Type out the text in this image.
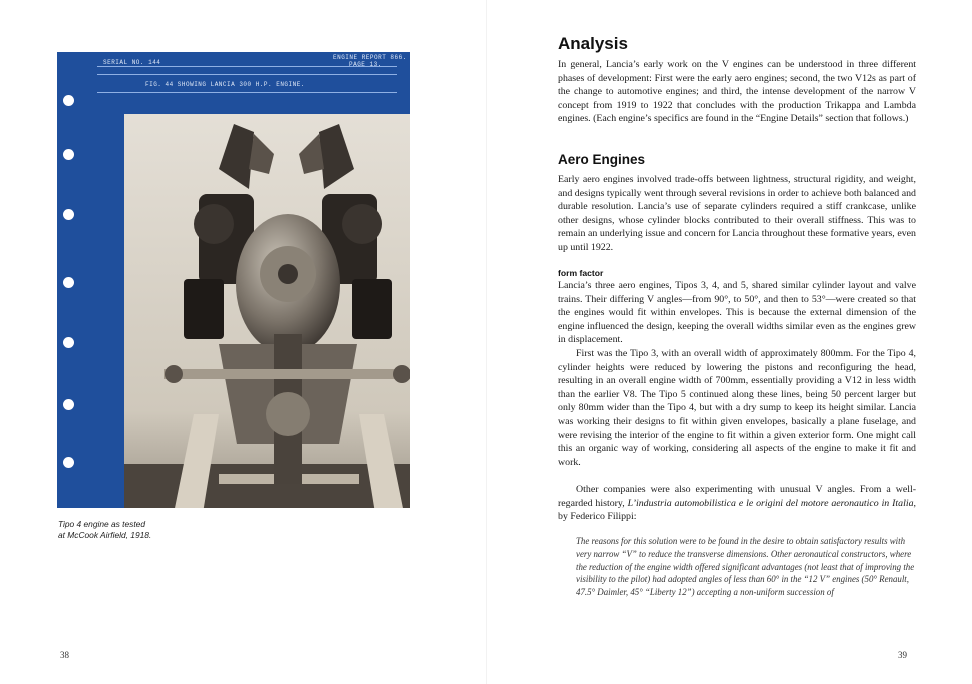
SERIAL NO. 144
ENGINE REPORT 866.
PAGE 13.
FIG. 44 SHOWING LANCIA 300 H.P. ENGINE.
556
Tipo 4 engine as tested
at McCook Airfield, 1918.
38
Analysis

In general, Lancia’s early work on the V engines can be understood in three different phases of development: First were the early aero engines; second, the two V12s as part of the change to automotive engines; and third, the intense development of the narrow V concept from 1919 to 1922 that concludes with the production Trikappa and Lambda engines. (Each engine’s specifics are found in the “Engine Details” section that follows.)

Aero Engines

Early aero engines involved trade-offs between lightness, structural rigidity, and weight, and designs typically went through several revisions in order to achieve both balanced and durable resolution. Lancia’s use of separate cylinders required a stiff crankcase, unlike other designs, whose cylinder blocks contributed to their overall stiffness. This was to remain an underlying issue and concern for Lancia throughout these formative years, even up until 1922.

form factor

Lancia’s three aero engines, Tipos 3, 4, and 5, shared similar cylinder layout and valve trains. Their differing V angles—from 90°, to 50°, and then to 53°—were created so that the engines would fit within envelopes. This is because the external dimension of the engine influenced the design, keeping the overall widths similar even as the engines grew in displacement.

First was the Tipo 3, with an overall width of approximately 800mm. For the Tipo 4, cylinder heights were reduced by lowering the pistons and reconfiguring the head, resulting in an overall engine width of 700mm, essentially providing a V12 in less width than the earlier V8. The Tipo 5 continued along these lines, being 50 percent larger but only 80mm wider than the Tipo 4, but with a dry sump to keep its height similar. Lancia was working their designs to fit within given envelopes, basically a plane fuselage, and were revising the interior of the engine to fit within a given exterior form. One might call this an organic way of working, considering all aspects of the engine to make it fit and work.

Other companies were also experimenting with unusual V angles. From a well-regarded history, L’industria automobilistica e le origini del motore aeronautico in Italia, by Federico Filippi:

The reasons for this solution were to be found in the desire to obtain satisfactory results with very narrow “V” to reduce the transverse dimensions. Other aeronautical constructors, where the reduction of the engine width offered significant advantages (not least that of improving the visibility to the pilot) had adopted angles of less than 60° in the “12 V” engines (50° Renault, 47.5° Daimler, 45° “Liberty 12”) accepting a non-uniform succession of

39
